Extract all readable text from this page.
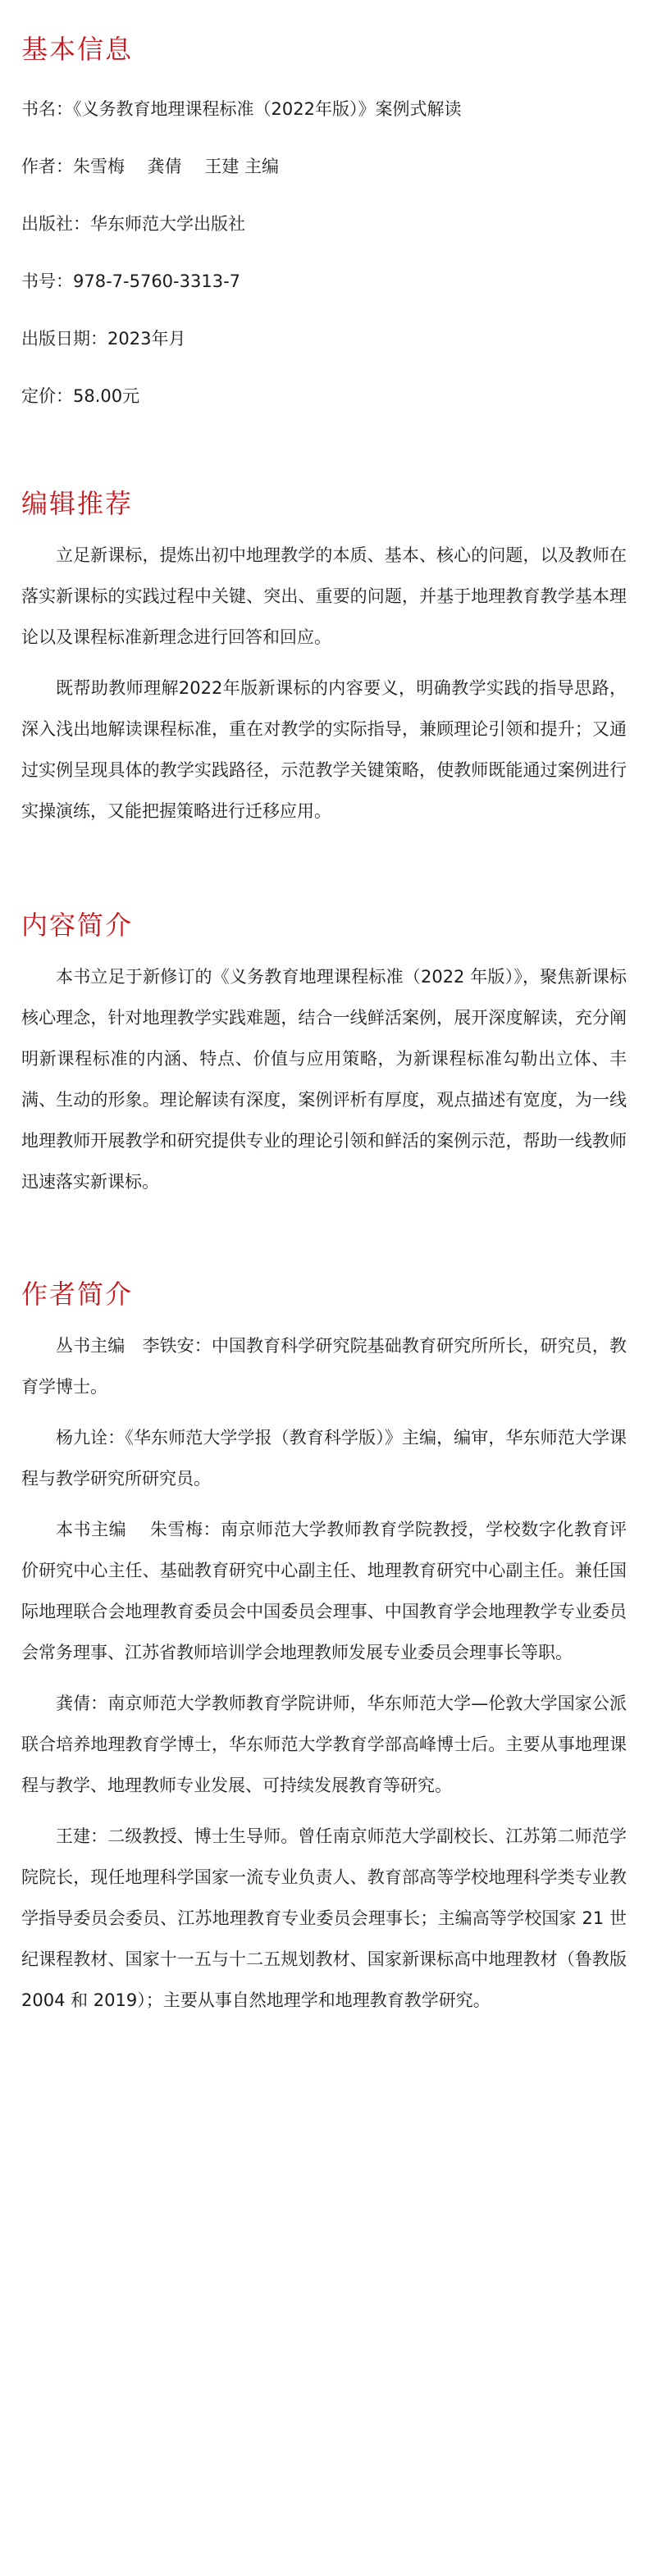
基本信息

书名：《义务教育地理课程标准（2022年版）》案例式解读

作者：朱雪梅　 龚倩　 王建 主编

出版社：华东师范大学出版社

书号：978-7-5760-3313-7

出版日期：2023年月

定价：58.00元

编辑推荐

立足新课标，提炼出初中地理教学的本质、基本、核心的问题，以及教师在落实新课标的实践过程中关键、突出、重要的问题，并基于地理教育教学基本理论以及课程标准新理念进行回答和回应。

既帮助教师理解2022年版新课标的内容要义，明确教学实践的指导思路，深入浅出地解读课程标准，重在对教学的实际指导，兼顾理论引领和提升；又通过实例呈现具体的教学实践路径，示范教学关键策略，使教师既能通过案例进行实操演练，又能把握策略进行迁移应用。

内容简介

本书立足于新修订的《义务教育地理课程标准（2022 年版）》，聚焦新课标核心理念，针对地理教学实践难题，结合一线鲜活案例，展开深度解读，充分阐明新课程标准的内涵、特点、价值与应用策略，为新课程标准勾勒出立体、丰满、生动的形象。理论解读有深度，案例评析有厚度，观点描述有宽度，为一线地理教师开展教学和研究提供专业的理论引领和鲜活的案例示范，帮助一线教师迅速落实新课标。

作者简介

丛书主编　李铁安：中国教育科学研究院基础教育研究所所长，研究员，教育学博士。

杨九诠：《华东师范大学学报（教育科学版）》主编，编审，华东师范大学课程与教学研究所研究员。

本书主编　 朱雪梅：南京师范大学教师教育学院教授，学校数字化教育评价研究中心主任、基础教育研究中心副主任、地理教育研究中心副主任。兼任国际地理联合会地理教育委员会中国委员会理事、中国教育学会地理教学专业委员会常务理事、江苏省教师培训学会地理教师发展专业委员会理事长等职。

龚倩：南京师范大学教师教育学院讲师，华东师范大学—伦敦大学国家公派联合培养地理教育学博士，华东师范大学教育学部高峰博士后。主要从事地理课程与教学、地理教师专业发展、可持续发展教育等研究。

王建：二级教授、博士生导师。曾任南京师范大学副校长、江苏第二师范学院院长，现任地理科学国家一流专业负责人、教育部高等学校地理科学类专业教学指导委员会委员、江苏地理教育专业委员会理事长；主编高等学校国家 21 世纪课程教材、国家十一五与十二五规划教材、国家新课标高中地理教材（鲁教版 2004 和 2019）；主要从事自然地理学和地理教育教学研究。
